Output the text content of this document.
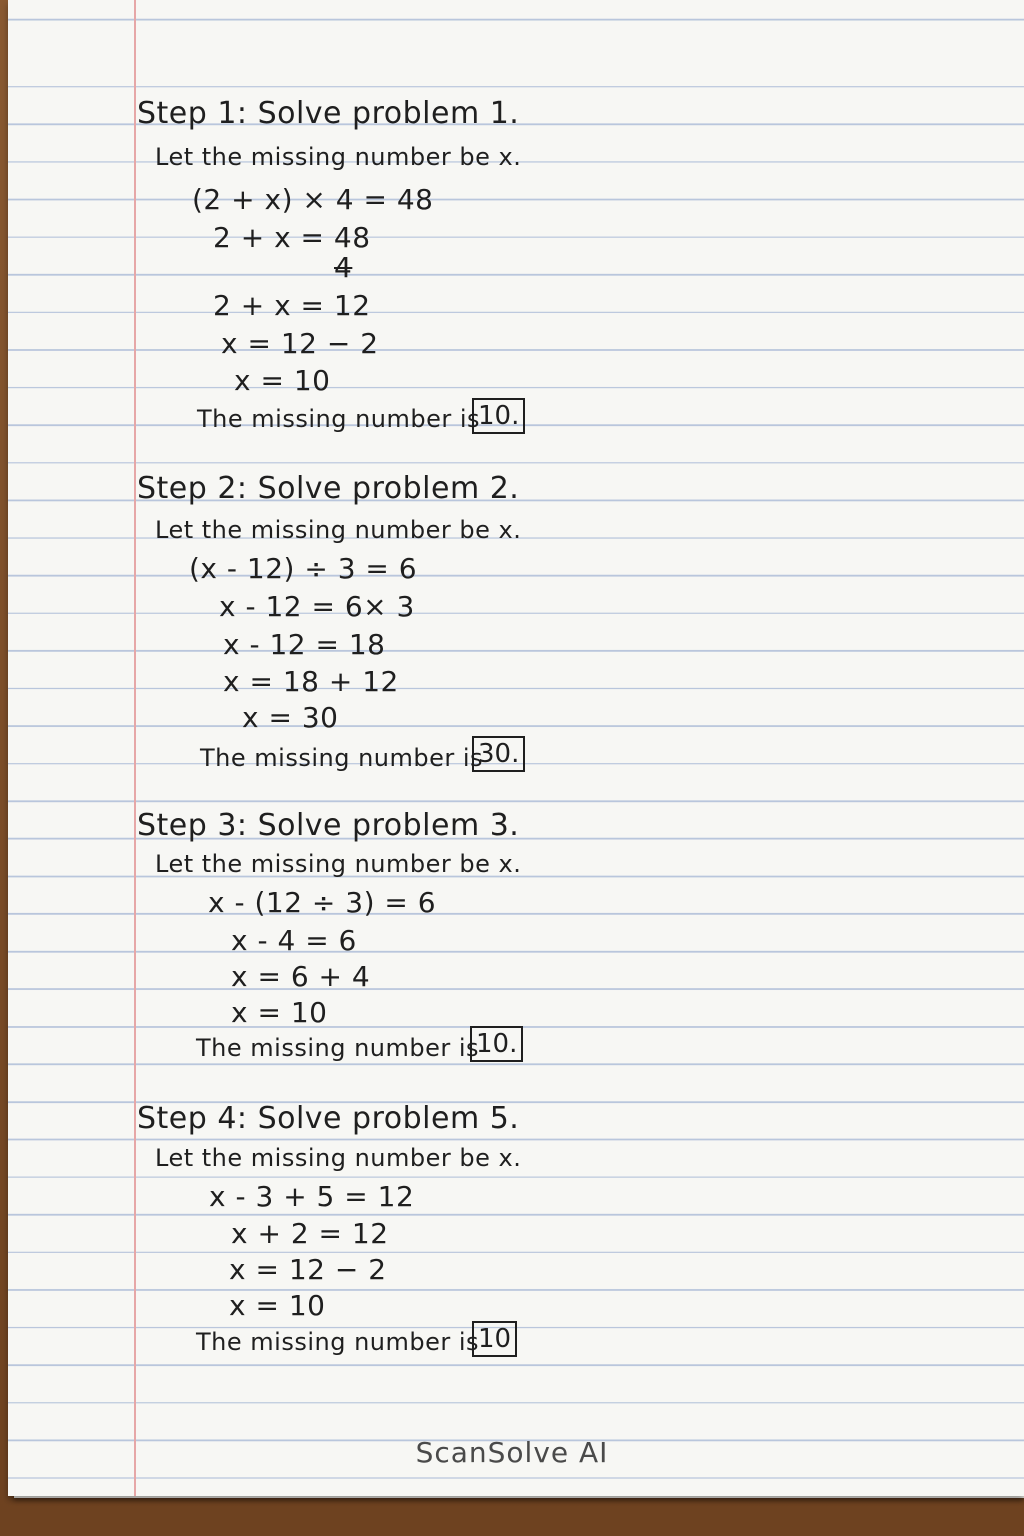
Step 1: Solve problem 1.
Let the missing number be x.
(2 + x) × 4 = 48
2 + x = 48
4
2 + x = 12
x = 12 − 2
x = 10
The missing number is
10.
Step 2: Solve problem 2.
Let the missing number be x.
(x - 12) ÷ 3 = 6
x - 12 = 6× 3
x - 12 = 18
x = 18 + 12
x = 30
The missing number is
30.
Step 3: Solve problem 3.
Let the missing number be x.
x - (12 ÷ 3) = 6
x - 4 = 6
x = 6 + 4
x = 10
The missing number is
10.
Step 4: Solve problem 5.
Let the missing number be x.
x - 3 + 5 = 12
x + 2 = 12
x = 12 − 2
x = 10
The missing number is
10
ScanSolve AI
